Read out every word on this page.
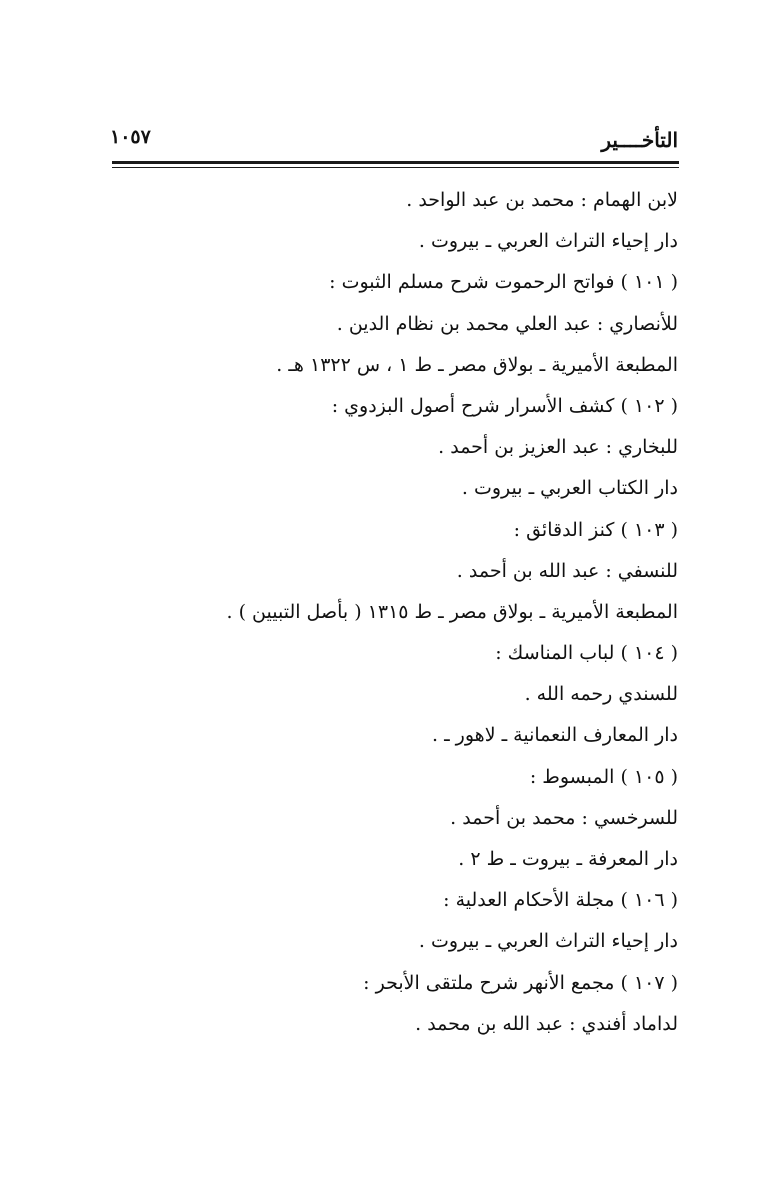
التأخــــير
١٠٥٧
لابن الهمام : محمد بن عبد الواحد .
دار إحياء التراث العربي ـ بيروت .
( ١٠١ ) فواتح الرحموت شرح مسلم الثبوت :
للأنصاري : عبد العلي محمد بن نظام الدين .
المطبعة الأميرية ـ بولاق مصر ـ ط ١ ، س ١٣٢٢ هـ .
( ١٠٢ ) كشف الأسرار شرح أصول البزدوي :
للبخاري : عبد العزيز بن أحمد .
دار الكتاب العربي ـ بيروت .
( ١٠٣ ) كنز الدقائق :
للنسفي : عبد الله بن أحمد .
المطبعة الأميرية ـ بولاق مصر ـ ط ١٣١٥ ( بأصل التبيين ) .
( ١٠٤ ) لباب المناسك :
للسندي رحمه الله .
دار المعارف النعمانية ـ لاهور ـ .
( ١٠٥ ) المبسوط :
للسرخسي : محمد بن أحمد .
دار المعرفة ـ بيروت ـ ط ٢ .
( ١٠٦ ) مجلة الأحكام العدلية :
دار إحياء التراث العربي ـ بيروت .
( ١٠٧ ) مجمع الأنهر شرح ملتقى الأبحر :
لداماد أفندي : عبد الله بن محمد .
